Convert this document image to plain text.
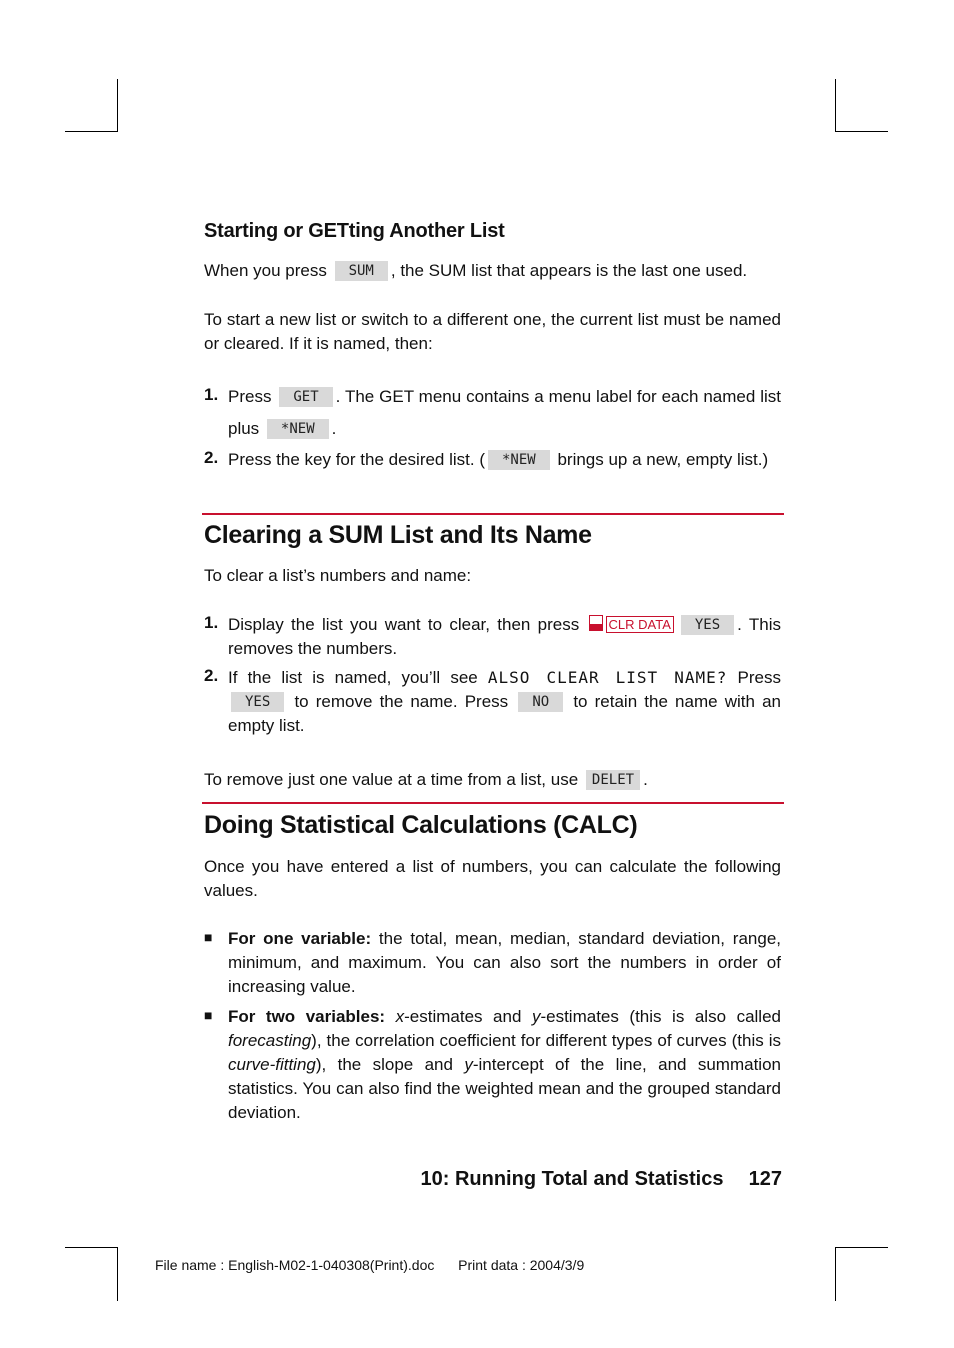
Starting or GETting Another List
When you press SUM , the SUM list that appears is the last one used.
To start a new list or switch to a different one, the current list must be named or cleared. If it is named, then:
1. Press GET . The GET menu contains a menu label for each named list plus *NEW .
2. Press the key for the desired list. ( *NEW brings up a new, empty list.)
Clearing a SUM List and Its Name
To clear a list’s numbers and name:
1. Display the list you want to clear, then press CLR DATA YES . This removes the numbers.
2. If the list is named, you’ll see ALSO CLEAR LIST NAME? Press YES to remove the name. Press NO to retain the name with an empty list.
To remove just one value at a time from a list, use DELET .
Doing Statistical Calculations (CALC)
Once you have entered a list of numbers, you can calculate the following values.
■ For one variable: the total, mean, median, standard deviation, range, minimum, and maximum. You can also sort the numbers in order of increasing value.
■ For two variables: x-estimates and y-estimates (this is also called forecasting), the correlation coefficient for different types of curves (this is curve-fitting), the slope and y-intercept of the line, and summation statistics. You can also find the weighted mean and the grouped standard deviation.
10: Running Total and Statistics 127
File name : English-M02-1-040308(Print).doc Print data : 2004/3/9
